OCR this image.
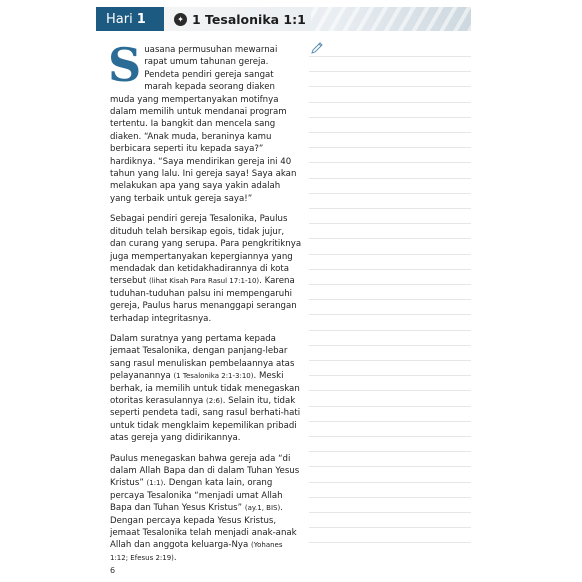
Hari 1	✦ 1 Tesalonika 1:1

Suasana permusuhan mewarnai rapat umum tahunan gereja. Pendeta pendiri gereja sangat marah kepada seorang diaken muda yang mempertanyakan motifnya dalam memilih untuk mendanai program tertentu. Ia bangkit dan mencela sang diaken. “Anak muda, beraninya kamu berbicara seperti itu kepada saya?” hardiknya. “Saya mendirikan gereja ini 40 tahun yang lalu. Ini gereja saya! Saya akan melakukan apa yang saya yakin adalah yang terbaik untuk gereja saya!”

Sebagai pendiri gereja Tesalonika, Paulus dituduh telah bersikap egois, tidak jujur, dan curang yang serupa. Para pengkritiknya juga mempertanyakan kepergiannya yang mendadak dan ketidakhadirannya di kota tersebut (lihat Kisah Para Rasul 17:1-10). Karena tuduhan-tuduhan palsu ini mempengaruhi gereja, Paulus harus menanggapi serangan terhadap integritasnya.

Dalam suratnya yang pertama kepada jemaat Tesalonika, dengan panjang-lebar sang rasul menuliskan pembelaannya atas pelayanannya (1 Tesalonika 2:1-3:10). Meski berhak, ia memilih untuk tidak menegaskan otoritas kerasulannya (2:6). Selain itu, tidak seperti pendeta tadi, sang rasul berhati-hati untuk tidak mengklaim kepemilikan pribadi atas gereja yang didirikannya.

Paulus menegaskan bahwa gereja ada “di dalam Allah Bapa dan di dalam Tuhan Yesus Kristus” (1:1). Dengan kata lain, orang percaya Tesalonika “menjadi umat Allah Bapa dan Tuhan Yesus Kristus” (ay.1, BIS). Dengan percaya kepada Yesus Kristus, jemaat Tesalonika telah menjadi anak-anak Allah dan anggota keluarga-Nya (Yohanes 1:12; Efesus 2:19).

6
